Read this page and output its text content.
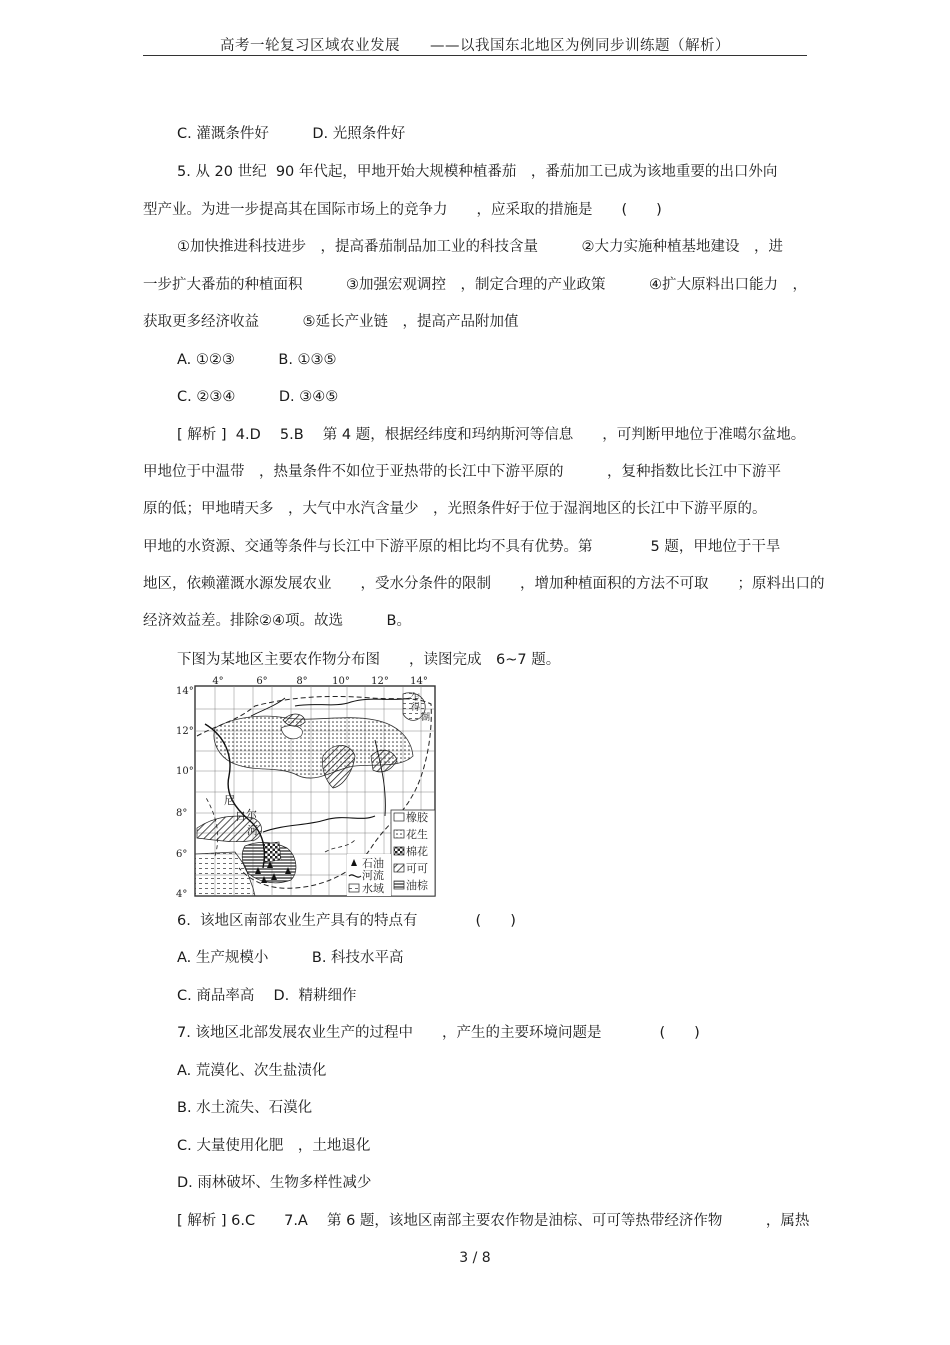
高考一轮复习区域农业发展　　——以我国东北地区为例同步训练题（解析）
C. 灌溉条件好　　　D. 光照条件好
5. 从 20 世纪  90 年代起，甲地开始大规模种植番茄　，番茄加工已成为该地重要的出口外向
型产业。为进一步提高其在国际市场上的竞争力　　，应采取的措施是　　(　　)
①加快推进科技进步　，提高番茄制品加工业的科技含量　　　②大力实施种植基地建设　，进
一步扩大番茄的种植面积　　　③加强宏观调控　，制定合理的产业政策　　　④扩大原料出口能力　，
获取更多经济收益　　　⑤延长产业链　，提高产品附加值
A. ①②③　　　B. ①③⑤
C. ②③④　　　D. ③④⑤
[ 解析 ]  4.D　 5.B　 第 4 题，根据经纬度和玛纳斯河等信息　　，可判断甲地位于准噶尔盆地。
甲地位于中温带　，热量条件不如位于亚热带的长江中下游平原的　　　，复种指数比长江中下游平
原的低；甲地晴天多　，大气中水汽含量少　，光照条件好于位于湿润地区的长江中下游平原的。
甲地的水资源、交通等条件与长江中下游平原的相比均不具有优势。第　　　　5 题，甲地位于干旱
地区，依赖灌溉水源发展农业　　，受水分条件的限制　　，增加种植面积的方法不可取　　；原料出口的
经济效益差。排除②④项。故选　　　B。
下图为某地区主要农作物分布图　　，读图完成　6~7 题。
4°	6°	8° 10° 12° 14°
14°
12°
10°
8°
6°
4°
尼
日 尔
河
乍
得
湖
橡胶
花生
棉花
可可
油棕
石油
河流
水域
6.  该地区南部农业生产具有的特点有　　　　(　　)
A. 生产规模小　　　B. 科技水平高
C. 商品率高　 D.  精耕细作
7. 该地区北部发展农业生产的过程中　　，产生的主要环境问题是　　　　(　　)
A. 荒漠化、次生盐渍化
B. 水土流失、石漠化
C. 大量使用化肥　，土地退化
D. 雨林破坏、生物多样性减少
[ 解析 ] 6.C　　7.A　 第 6 题，该地区南部主要农作物是油棕、可可等热带经济作物　　　，属热
3 / 8
